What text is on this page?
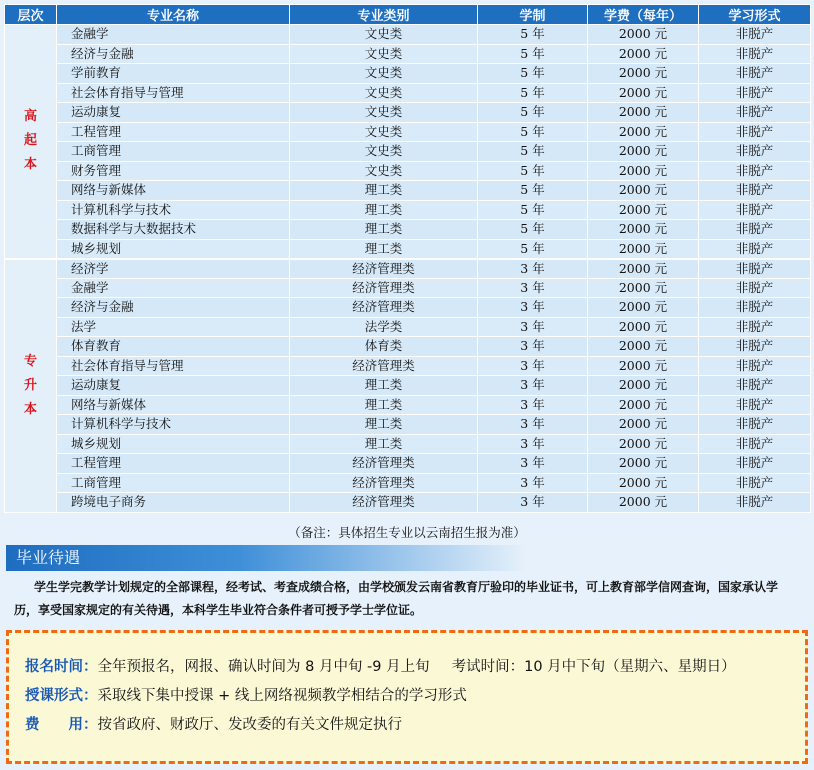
层次	专业名称	专业类别	学制	学费（每年）	学习形式

高
起
本	金融学	文史类	5 年	2000 元	非脱产
	经济与金融	文史类	5 年	2000 元	非脱产
	学前教育	文史类	5 年	2000 元	非脱产
	社会体育指导与管理	文史类	5 年	2000 元	非脱产
	运动康复	文史类	5 年	2000 元	非脱产
	工程管理	文史类	5 年	2000 元	非脱产
	工商管理	文史类	5 年	2000 元	非脱产
	财务管理	文史类	5 年	2000 元	非脱产
	网络与新媒体	理工类	5 年	2000 元	非脱产
	计算机科学与技术	理工类	5 年	2000 元	非脱产
	数据科学与大数据技术	理工类	5 年	2000 元	非脱产
	城乡规划	理工类	5 年	2000 元	非脱产

专
升
本	经济学	经济管理类	3 年	2000 元	非脱产
	金融学	经济管理类	3 年	2000 元	非脱产
	经济与金融	经济管理类	3 年	2000 元	非脱产
	法学	法学类	3 年	2000 元	非脱产
	体育教育	体育类	3 年	2000 元	非脱产
	社会体育指导与管理	经济管理类	3 年	2000 元	非脱产
	运动康复	理工类	3 年	2000 元	非脱产
	网络与新媒体	理工类	3 年	2000 元	非脱产
	计算机科学与技术	理工类	3 年	2000 元	非脱产
	城乡规划	理工类	3 年	2000 元	非脱产
	工程管理	经济管理类	3 年	2000 元	非脱产
	工商管理	经济管理类	3 年	2000 元	非脱产
	跨境电子商务	经济管理类	3 年	2000 元	非脱产
（备注：具体招生专业以云南招生报为准）
毕业待遇

学生学完教学计划规定的全部课程，经考试、考查成绩合格，由学校颁发云南省教育厅验印的毕业证书，可上教育部学信网查询，国家承认学历，享受国家规定的有关待遇，本科学生毕业符合条件者可授予学士学位证。

报名时间：全年预报名，网报、确认时间为 8 月中旬 -9 月上旬 考试时间：10 月中下旬（星期六、星期日）
授课形式：采取线下集中授课 + 线上网络视频教学相结合的学习形式
费　　用：按省政府、财政厅、发改委的有关文件规定执行
